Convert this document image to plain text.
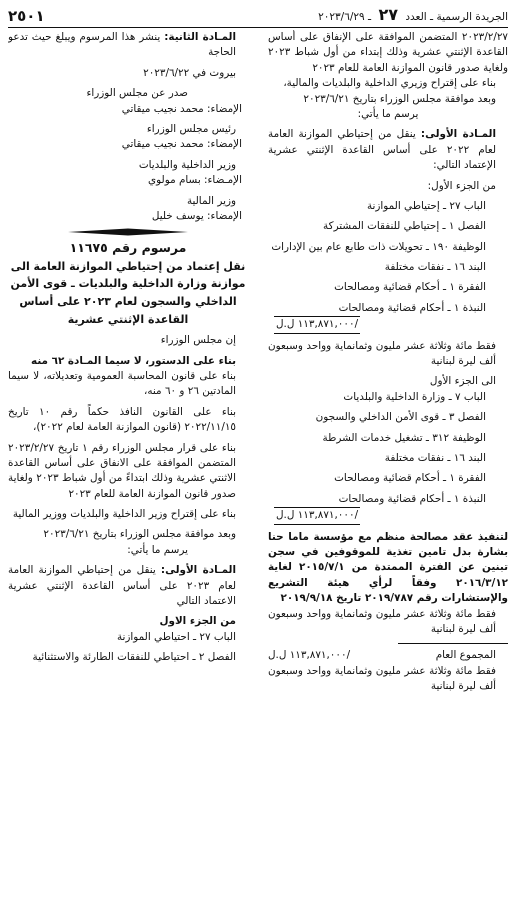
الجريدة الرسمية ـ العدد ٢٧ ـ ٢٠٢٣/٦/٢٩
٢٥٠١

٢٠٢٣/٢/٢٧ المتضمن الموافقة على الإنفاق على أساس القاعدة الإثنتي عشرية وذلك إبتداء من أول شباط ٢٠٢٣ ولغاية صدور قانون الموازنة العامة للعام ٢٠٢٣

بناء على إقتراح وزيري الداخلية والبلديات والمالية،

وبعد موافقة مجلس الوزراء بتاريخ ٢٠٢٣/٦/٢١

يرسم ما يأتي:

المـادة الأولى: ينقل من إحتياطي الموازنة العامة لعام ٢٠٢٢ على أساس القاعدة الإثنتي عشرية الإعتماد التالي:

من الجزء الأول:

الباب ٢٧ ـ إحتياطي الموازنة

الفصل ١ ـ إحتياطي للنفقات المشتركة

الوظيفة ١٩٠ ـ تحويلات ذات طابع عام بين الإدارات

البند ١٦ ـ نفقات مختلفة

الفقرة ١ ـ أحكام قضائية ومصالحات

النبذة ١ ـ أحكام قضائية ومصالحات

١١٣,٨٧١,٠٠٠ ل.ل/

فقط مائة وثلاثة عشر مليون وثمانماية وواحد وسبعون ألف ليرة لبنانية

الى الجزء الأول

الباب ٧ ـ وزارة الداخلية والبلديات

الفصل ٣ ـ قوى الأمن الداخلي والسجون

الوظيفة ٣١٢ ـ تشغيل خدمات الشرطة

البند ١٦ ـ نفقات مختلفة

الفقرة ١ ـ أحكام قضائية ومصالحات

النبذة ١ ـ أحكام قضائية ومصالحات

١١٣,٨٧١,٠٠٠ ل.ل/

لتنفيذ عقد مصالحة منظم مع مؤسسة ماما حنا بشارة بدل تامين تغذية للموقوفين في سجن تبنين عن الفترة الممتدة من ٢٠١٥/٧/١ لغاية ٢٠١٦/٣/١٢ وفقاً لرأي هيئة التشريع والإستشارات رقم ٢٠١٩/٧٨٧ تاريخ ٢٠١٩/٩/١٨

فقط مائة وثلاثة عشر مليون وثمانماية وواحد وسبعون ألف ليرة لبنانية

المجموع العام
١١٣,٨٧١,٠٠٠ ل.ل/

فقط مائة وثلاثة عشر مليون وثمانماية وواحد وسبعون ألف ليرة لبنانية

المـادة الثانية: ينشر هذا المرسوم ويبلغ حيث تدعو الحاجة

بيروت في ٢٠٢٣/٦/٢٢

صدر عن مجلس الوزراء

الإمضاء: محمد نجيب ميقاتي

رئيس مجلس الوزراء

الإمضاء: محمد نجيب ميقاتي

وزير الداخلية والبلديات

الإمـضاء: بسام مولوي

وزير المالية

الإمضاء: يوسف خليل

مرسوم رقم ١١٦٧٥
نقل إعتماد من إحتياطي الموازنة العامة الى موازنة وزارة الداخلية والبلديات ـ قوى الأمن الداخلي والسجون لعام ٢٠٢٣ على أساس القاعدة الإثنتي عشرية

إن مجلس الوزراء

بناء على الدستور، لا سيما المـادة ٦٢ منه

بناء على قانون المحاسبة العمومية وتعديلاته، لا سيما المادتين ٢٦ و ٦٠ منه،

بناء على القانون النافذ حكماً رقم ١٠ تاريخ ٢٠٢٢/١١/١٥ (قانون الموازنة العامة لعام ٢٠٢٢)،

بناء على قرار مجلس الوزراء رقم ١ تاريخ ٢٠٢٣/٢/٢٧ المتضمن الموافقة على الانفاق على أساس القاعدة الاثنتي عشرية وذلك ابتداءً من أول شباط ٢٠٢٣ ولغاية صدور قانون الموازنة العامة للعام ٢٠٢٣

بناء على إقتراح وزير الداخلية والبلديات ووزير المالية

وبعد موافقة مجلس الوزراء بتاريخ ٢٠٢٣/٦/٢١

يرسم ما يأتي:

المـادة الأولى: ينقل من إحتياطي الموازنة العامة لعام ٢٠٢٣ على أساس القاعدة الإثنتي عشرية الاعتماد التالي

من الجزء الاول

الباب ٢٧ ـ احتياطي الموازنة

الفصل ٢ ـ احتياطي للنفقات الطارئة والاستثنائية
